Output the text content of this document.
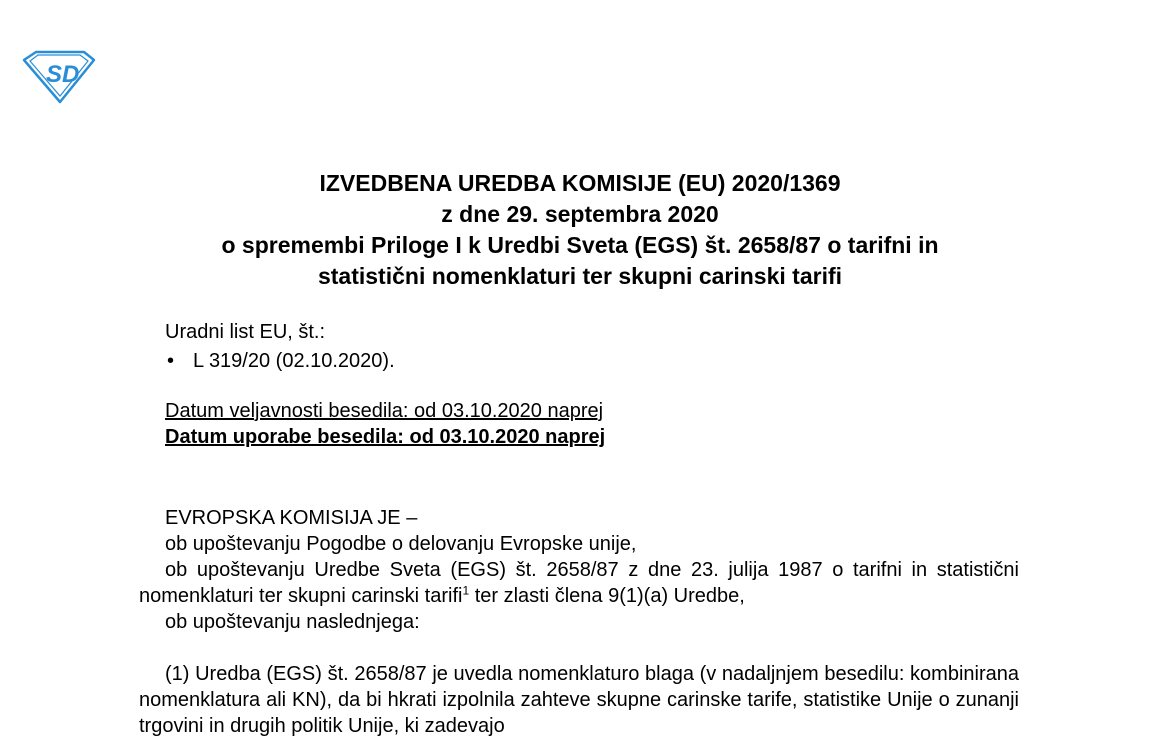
SD
IZVEDBENA UREDBA KOMISIJE (EU) 2020/1369
z dne 29. septembra 2020
o spremembi Priloge I k Uredbi Sveta (EGS) št. 2658/87 o tarifni in
statistični nomenklaturi ter skupni carinski tarifi
Uradni list EU, št.:
• L 319/20 (02.10.2020).
Datum veljavnosti besedila: od 03.10.2020 naprej
Datum uporabe besedila: od 03.10.2020 naprej

EVROPSKA KOMISIJA JE –

ob upoštevanju Pogodbe o delovanju Evropske unije,

ob upoštevanju Uredbe Sveta (EGS) št. 2658/87 z dne 23. julija 1987 o tarifni in statistični nomenklaturi ter skupni carinski tarifi$^1$ ter zlasti člena 9(1)(a) Uredbe,

ob upoštevanju naslednjega:

(1) Uredba (EGS) št. 2658/87 je uvedla nomenklaturo blaga (v nadaljnjem besedilu: kombinirana nomenklatura ali KN), da bi hkrati izpolnila zahteve skupne carinske tarife, statistike Unije o zunanji trgovini in drugih politik Unije, ki zadevajo
